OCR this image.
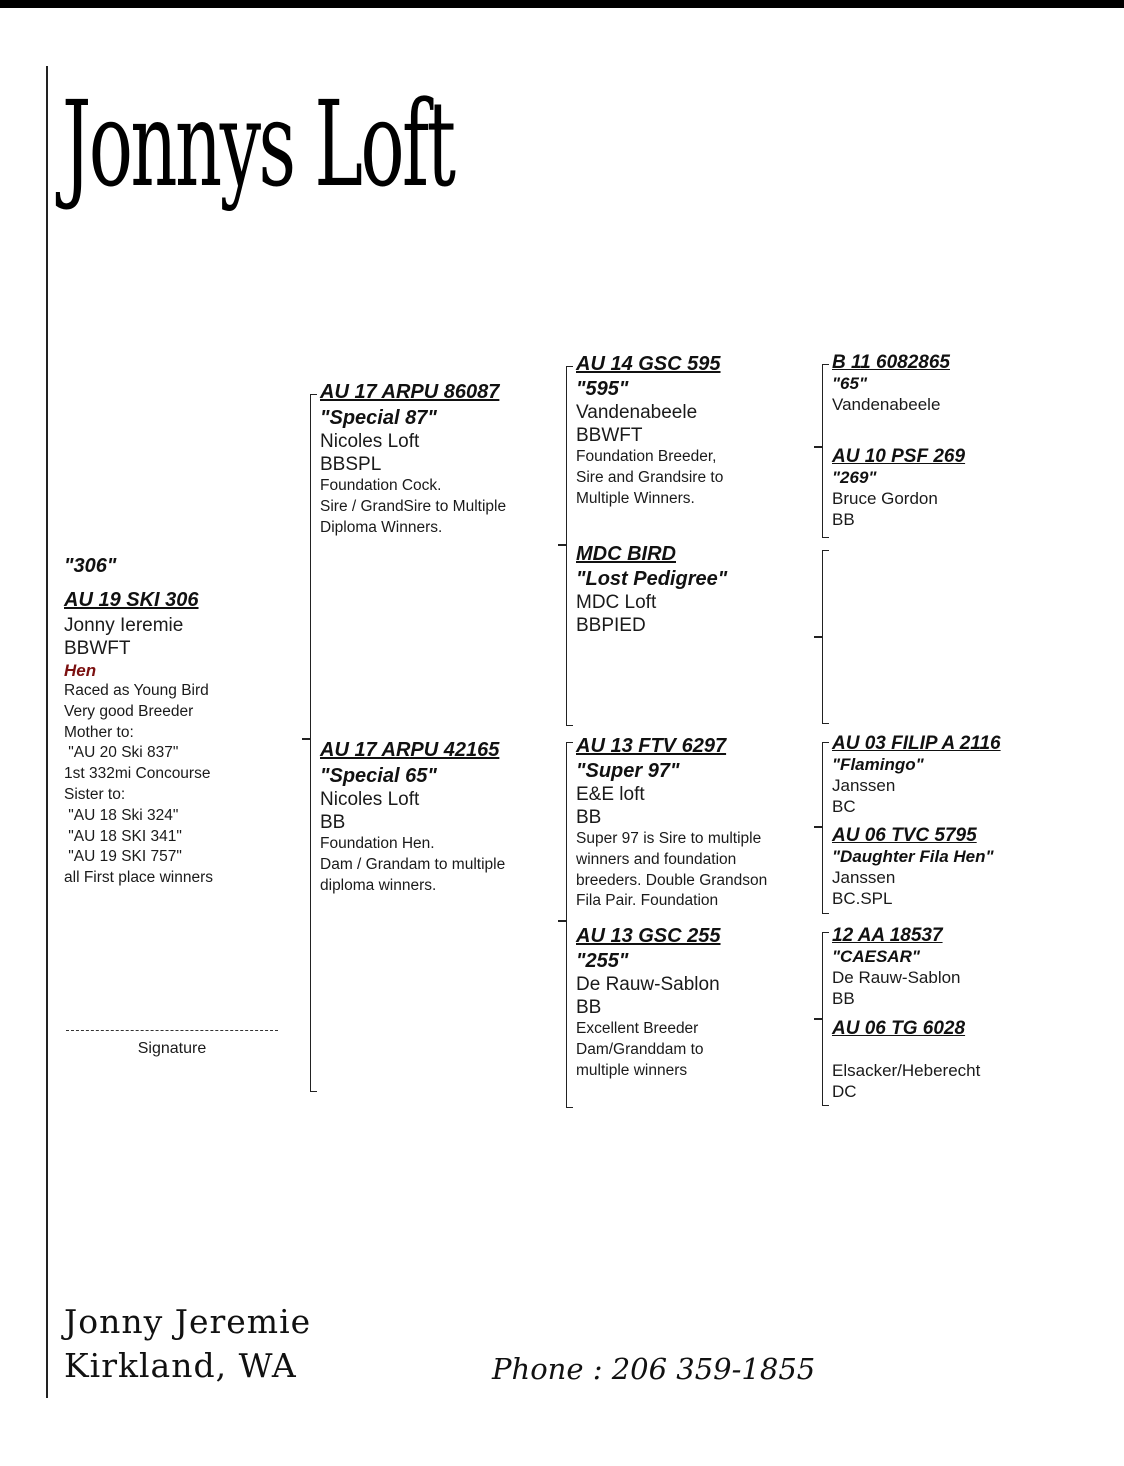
Jonnys Loft
"306"
AU 19 SKI 306
Jonny Ieremie
BBWFT
Hen
Raced as Young Bird
Very good Breeder
Mother to:
"AU 20 Ski 837"
1st 332mi Concourse
Sister to:
"AU 18 Ski 324"
"AU 18 SKI 341"
"AU 19 SKI 757"
all First place winners
Signature
AU 17 ARPU 86087
"Special 87"
Nicoles Loft
BBSPL
Foundation Cock.
Sire / GrandSire to Multiple
Diploma Winners.
AU 17 ARPU 42165
"Special 65"
Nicoles Loft
BB
Foundation Hen.
Dam / Grandam to multiple
diploma winners.
AU 14 GSC 595
"595"
Vandenabeele
BBWFT
Foundation Breeder,
Sire and Grandsire to
Multiple Winners.
MDC BIRD
"Lost Pedigree"
MDC Loft
BBPIED
AU 13 FTV 6297
"Super 97"
E&E loft
BB
Super 97 is Sire to multiple
winners and foundation
breeders. Double Grandson
Fila Pair. Foundation
AU 13 GSC 255
"255"
De Rauw-Sablon
BB
Excellent Breeder
Dam/Granddam to
multiple winners
B 11 6082865
"65"
Vandenabeele
AU 10 PSF 269
"269"
Bruce Gordon
BB
AU 03 FILIP A 2116
"Flamingo"
Janssen
BC
AU 06 TVC 5795
"Daughter Fila Hen"
Janssen
BC.SPL
12 AA 18537
"CAESAR"
De Rauw-Sablon
BB
AU 06 TG 6028
Elsacker/Heberecht
DC
Jonny Jeremie
Kirkland, WA	Phone : 206 359-1855
